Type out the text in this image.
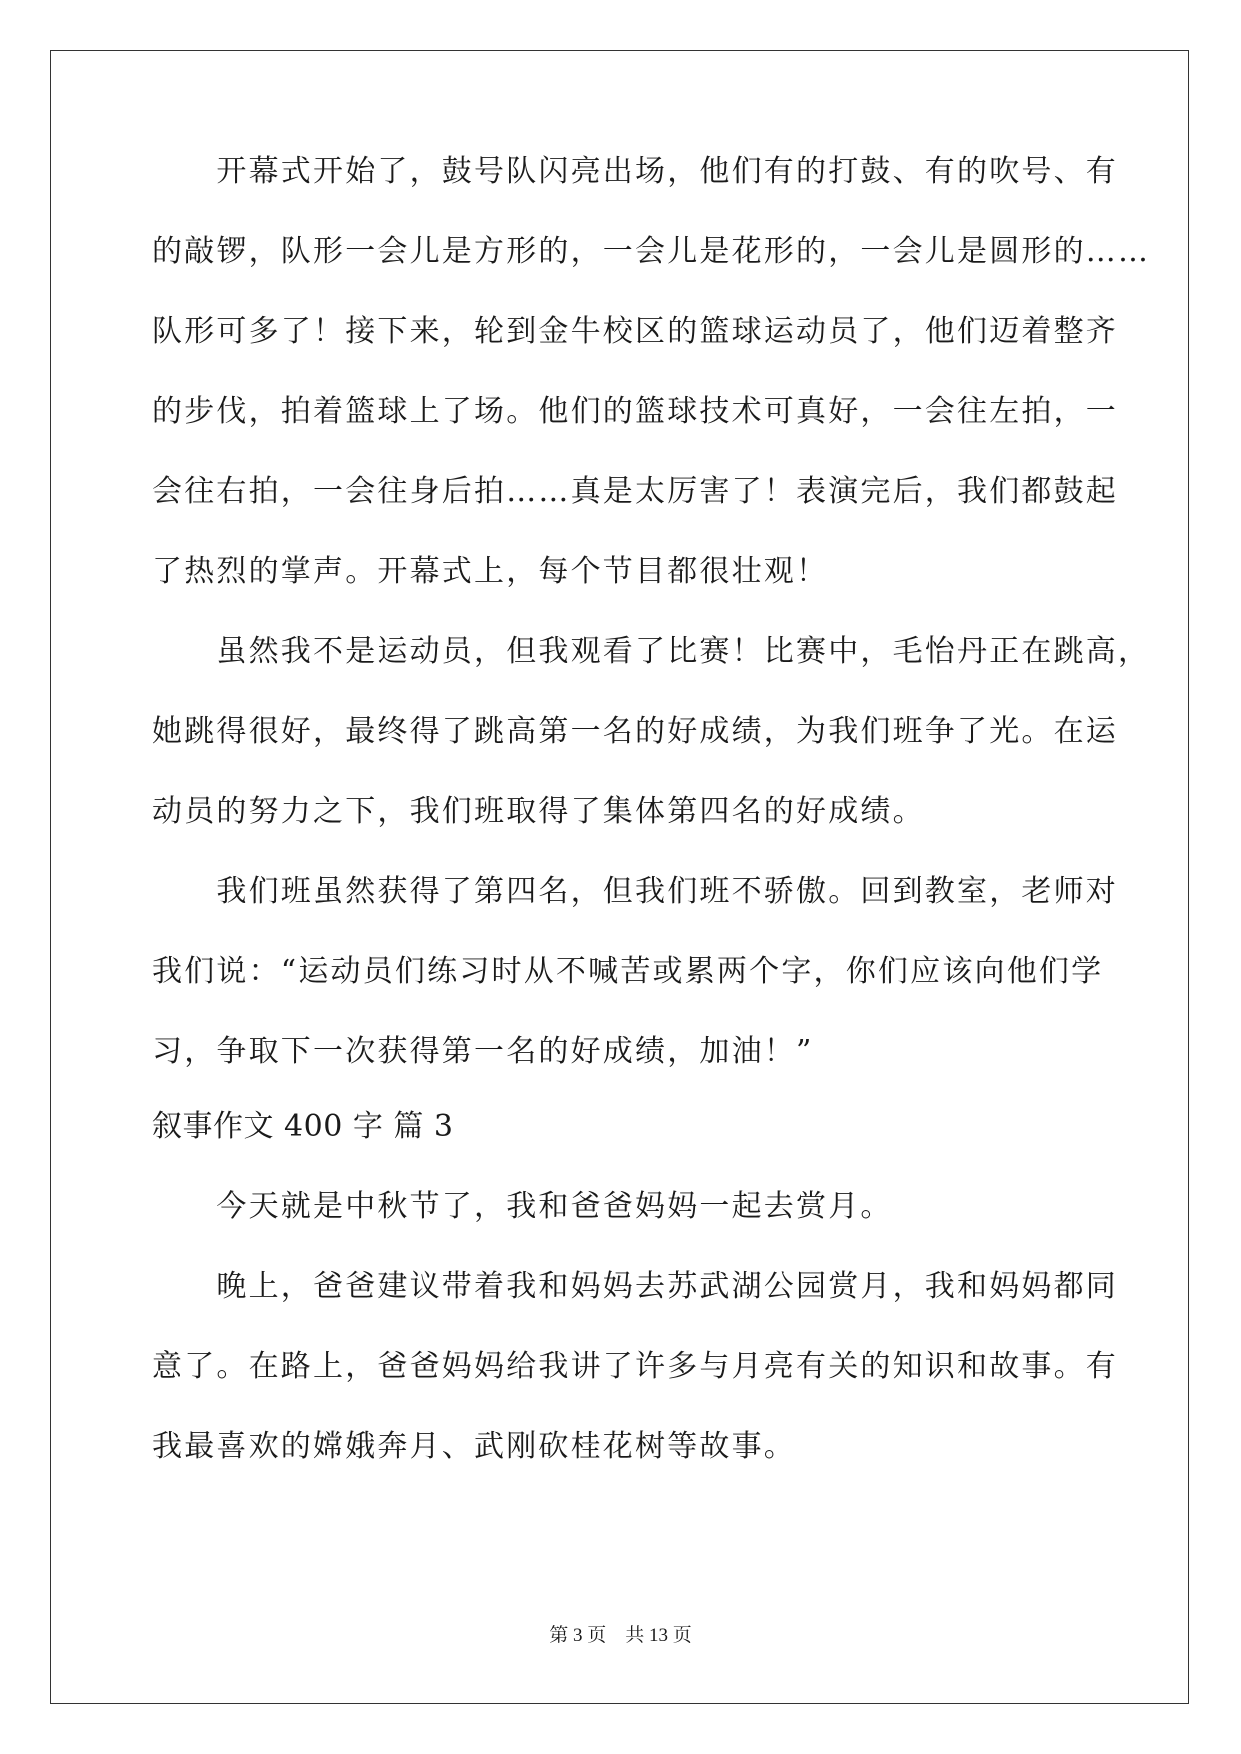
　　开幕式开始了，鼓号队闪亮出场，他们有的打鼓、有的吹号、有
的敲锣，队形一会儿是方形的，一会儿是花形的，一会儿是圆形的……
队形可多了！接下来，轮到金牛校区的篮球运动员了，他们迈着整齐
的步伐，拍着篮球上了场。他们的篮球技术可真好，一会往左拍，一
会往右拍，一会往身后拍……真是太厉害了！表演完后，我们都鼓起
了热烈的掌声。开幕式上，每个节目都很壮观！
　　虽然我不是运动员，但我观看了比赛！比赛中，毛怡丹正在跳高，
她跳得很好，最终得了跳高第一名的好成绩，为我们班争了光。在运
动员的努力之下，我们班取得了集体第四名的好成绩。
　　我们班虽然获得了第四名，但我们班不骄傲。回到教室，老师对
我们说：“运动员们练习时从不喊苦或累两个字，你们应该向他们学
习，争取下一次获得第一名的好成绩，加油！”
叙事作文 400 字 篇 3
　　今天就是中秋节了，我和爸爸妈妈一起去赏月。
　　晚上，爸爸建议带着我和妈妈去苏武湖公园赏月，我和妈妈都同
意了。在路上，爸爸妈妈给我讲了许多与月亮有关的知识和故事。有
我最喜欢的嫦娥奔月、武刚砍桂花树等故事。
第 3 页　共 13 页
